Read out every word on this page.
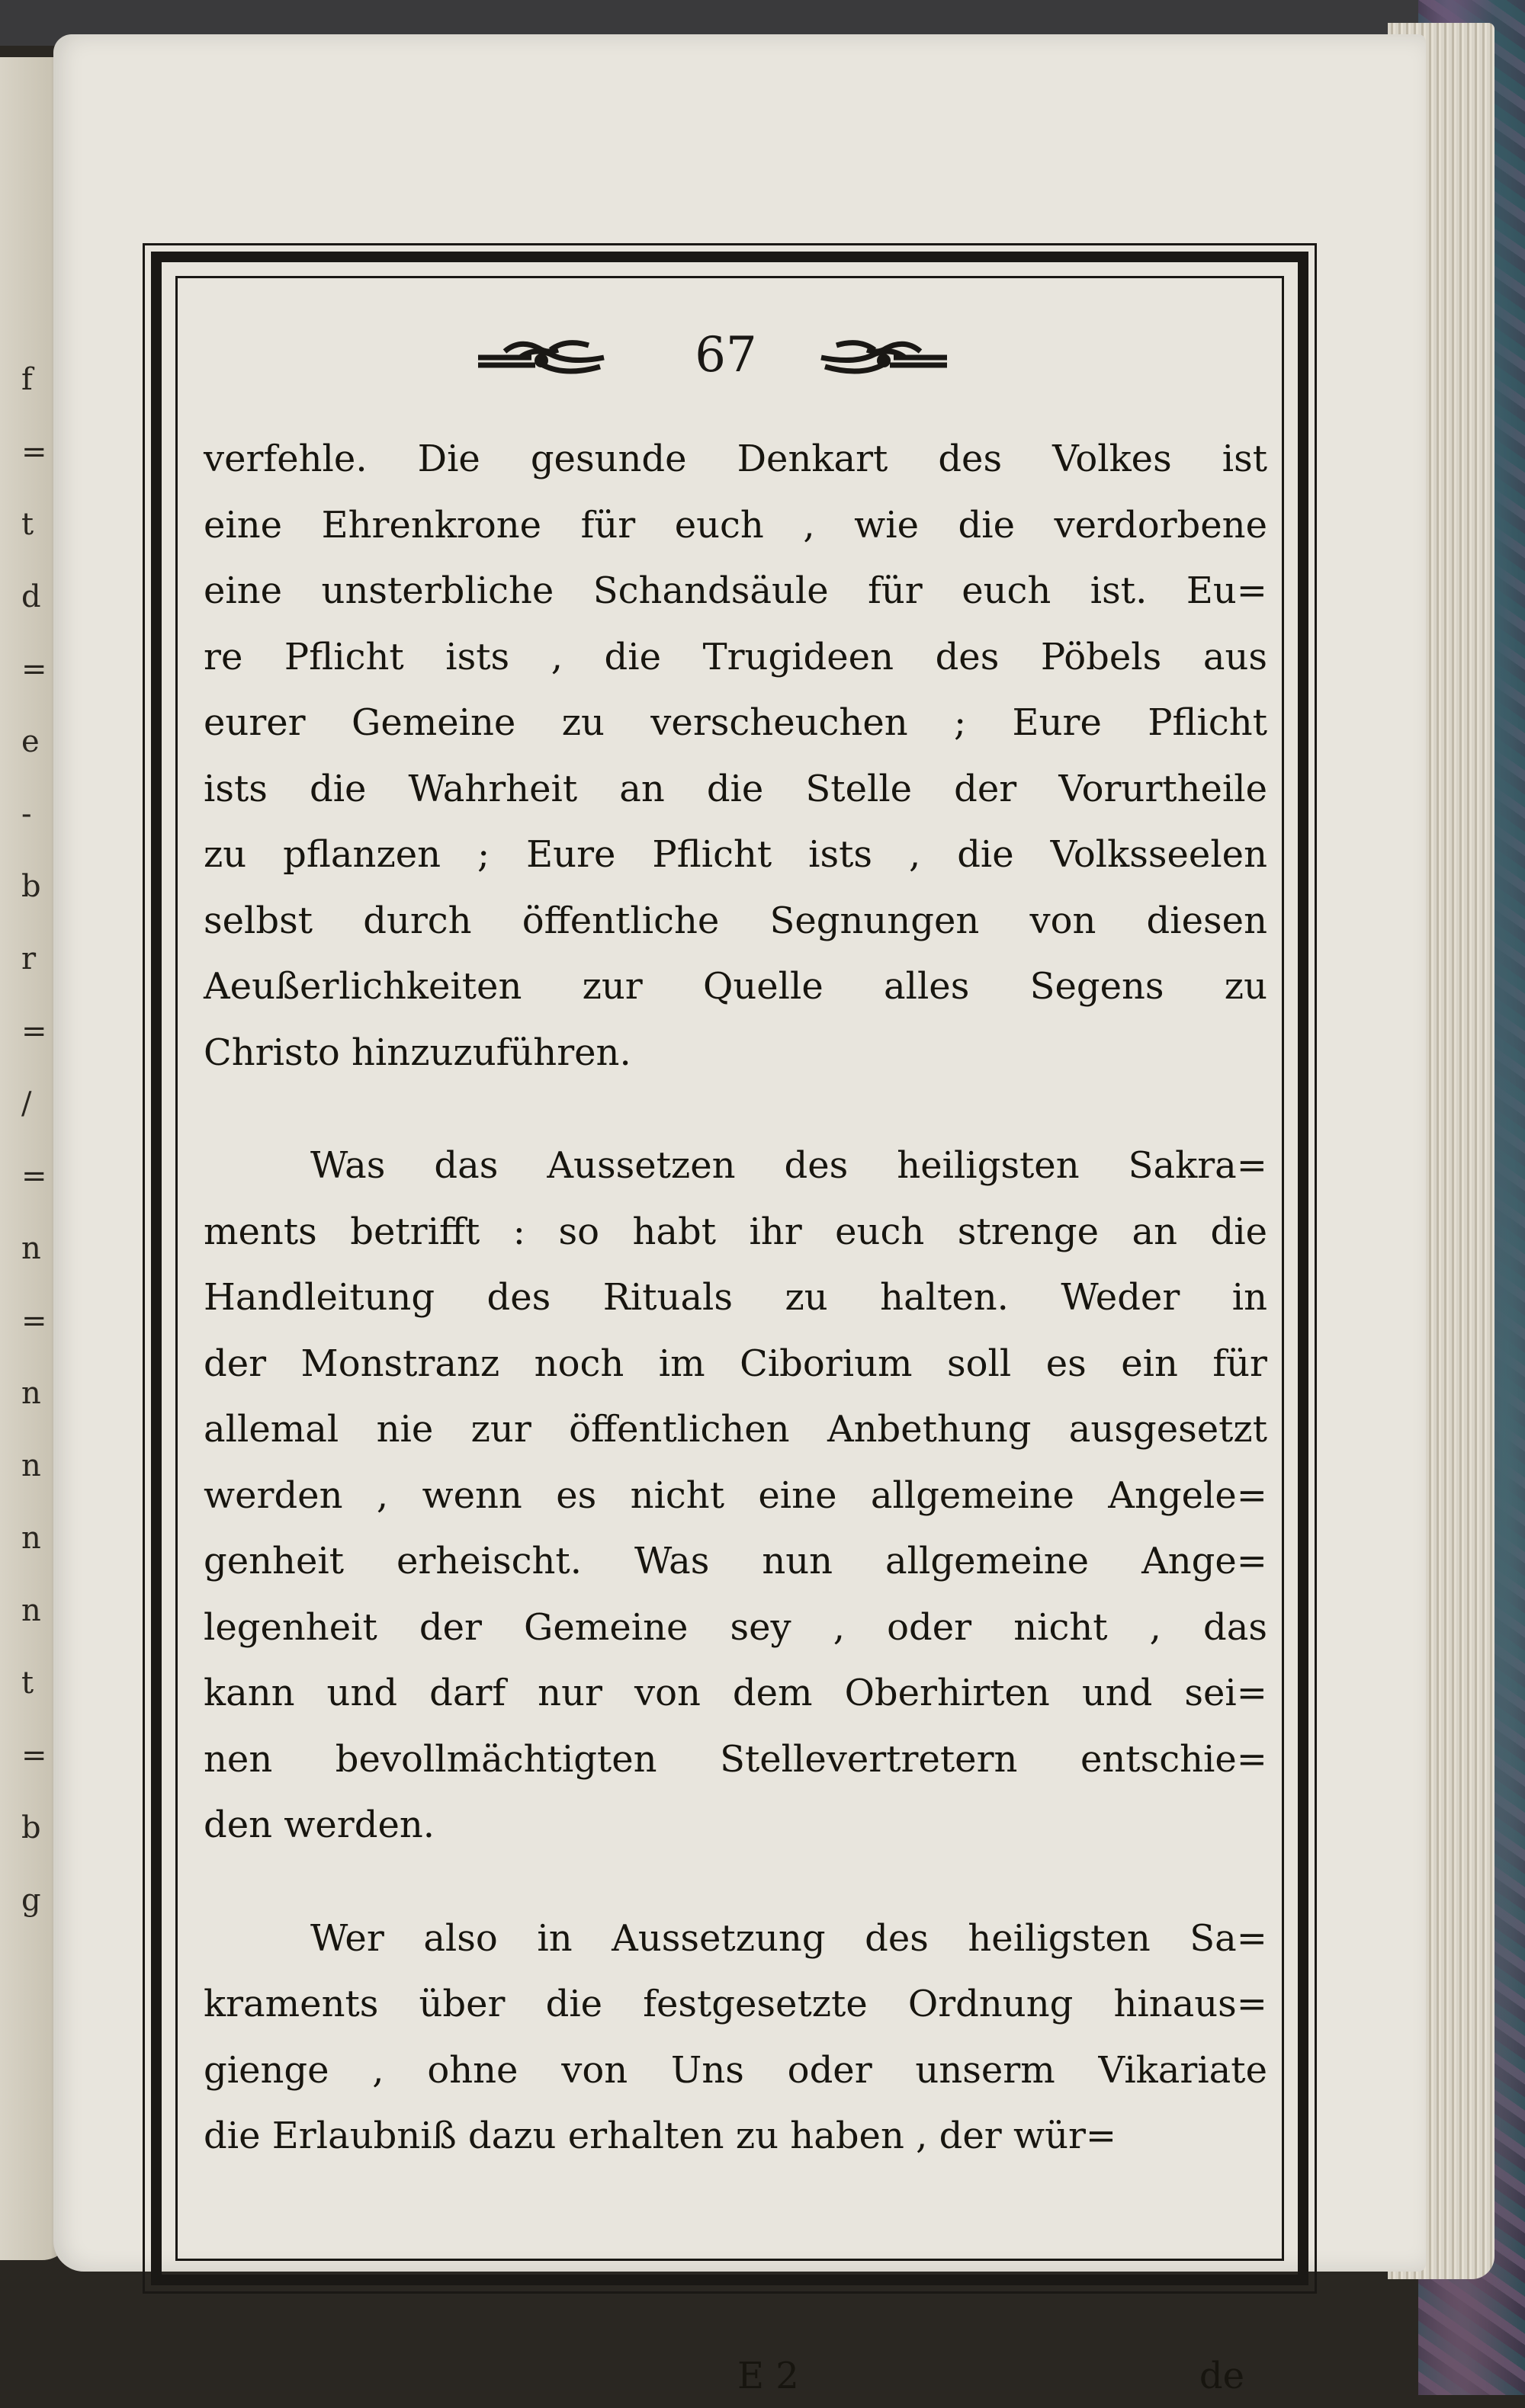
f
=
t
d
=
e
-
b
r
=
/
=
n
=
n
n
n
n
t
=
b
g
67
verfehle. Die gesunde Denkart des Volkes ist
eine Ehrenkrone für euch , wie die verdorbene
eine unsterbliche Schandsäule für euch ist. Eu=
re Pflicht ists , die Trugideen des Pöbels aus
eurer Gemeine zu verscheuchen ; Eure Pflicht
ists die Wahrheit an die Stelle der Vorurtheile
zu pflanzen ; Eure Pflicht ists , die Volksseelen
selbst durch öffentliche Segnungen von diesen
Aeußerlichkeiten zur Quelle alles Segens zu
Christo hinzuzuführen.
Was das Aussetzen des heiligsten Sakra=
ments betrifft : so habt ihr euch strenge an die
Handleitung des Rituals zu halten. Weder in
der Monstranz noch im Ciborium soll es ein für
allemal nie zur öffentlichen Anbethung ausgesetzt
werden , wenn es nicht eine allgemeine Angele=
genheit erheischt. Was nun allgemeine Ange=
legenheit der Gemeine sey , oder nicht , das
kann und darf nur von dem Oberhirten und sei=
nen bevollmächtigten Stellevertretern entschie=
den werden.
Wer also in Aussetzung des heiligsten Sa=
kraments über die festgesetzte Ordnung hinaus=
gienge , ohne von Uns oder unserm Vikariate
die Erlaubniß dazu erhalten zu haben , der wür=
E 2	de
